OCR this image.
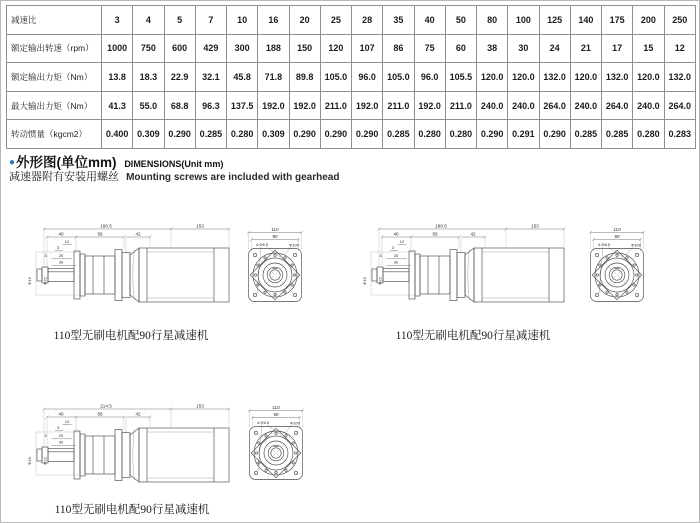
减速比	3	4	5	7	10	16	20	25	28	35	40	50	80	100	125	140	175	200	250
额定输出转速（rpm）	1000	750	600	429	300	188	150	120	107	86	75	60	38	30	24	21	17	15	12
额定输出力矩（Nm）	13.8	18.3	22.9	32.1	45.8	71.8	89.8	105.0	96.0	105.0	96.0	105.5	120.0	120.0	132.0	120.0	132.0	120.0	132.0
最大输出力矩（Nm）	41.3	55.0	68.8	96.3	137.5	192.0	192.0	211.0	192.0	211.0	192.0	211.0	240.0	240.0	264.0	240.0	264.0	240.0	264.0
转动惯量（kgcm2）	0.400	0.309	0.290	0.285	0.280	0.309	0.290	0.290	0.290	0.285	0.280	0.280	0.290	0.291	0.290	0.285	0.285	0.280	0.283
●外形图(单位mm) DIMENSIONS(Unit mm)
减速器附有安装用螺丝 Mounting screws are included with gearhead
166.5
110型无刷电机配90行星减速机
190.5
110型无刷电机配90行星减速机
214.5
110型无刷电机配90行星减速机
